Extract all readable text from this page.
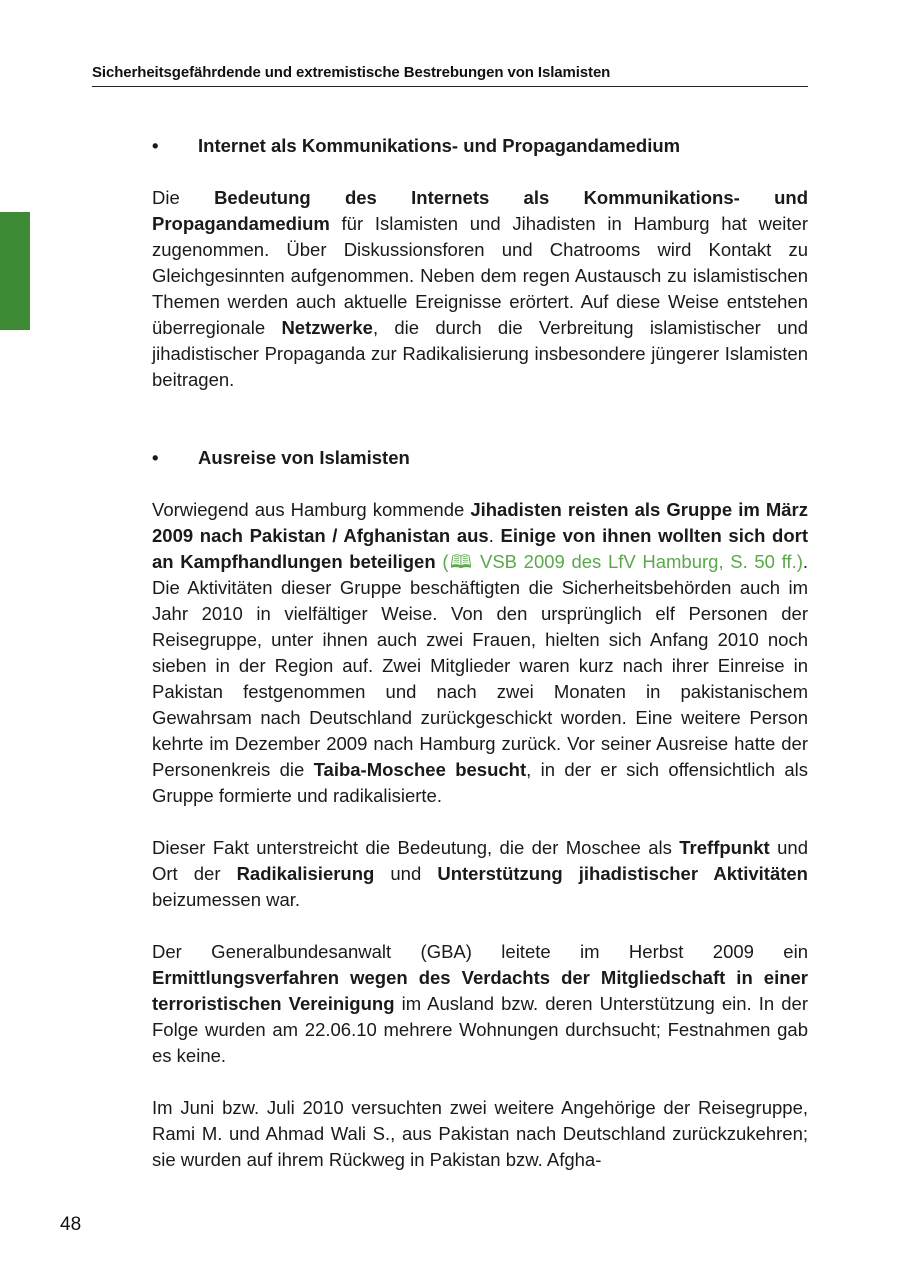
Sicherheitsgefährdende und extremistische Bestrebungen von Islamisten
• Internet als Kommunikations- und Propagandamedium

Die Bedeutung des Internets als Kommunikations- und Propagandamedium für Islamisten und Jihadisten in Hamburg hat weiter zugenommen. Über Diskussionsforen und Chatrooms wird Kontakt zu Gleichgesinnten aufgenommen. Neben dem regen Austausch zu islamistischen Themen werden auch aktuelle Ereignisse erörtert. Auf diese Weise entstehen überregionale Netzwerke, die durch die Verbreitung islamistischer und jihadistischer Propaganda zur Radikalisierung insbesondere jüngerer Islamisten beitragen.

• Ausreise von Islamisten

Vorwiegend aus Hamburg kommende Jihadisten reisten als Gruppe im März 2009 nach Pakistan / Afghanistan aus. Einige von ihnen wollten sich dort an Kampfhandlungen beteiligen (🕮 VSB 2009 des LfV Hamburg, S. 50 ff.). Die Aktivitäten dieser Gruppe beschäftigten die Sicherheitsbehörden auch im Jahr 2010 in vielfältiger Weise. Von den ursprünglich elf Personen der Reisegruppe, unter ihnen auch zwei Frauen, hielten sich Anfang 2010 noch sieben in der Region auf. Zwei Mitglieder waren kurz nach ihrer Einreise in Pakistan festgenommen und nach zwei Monaten in pakistanischem Gewahrsam nach Deutschland zurückgeschickt worden. Eine weitere Person kehrte im Dezember 2009 nach Hamburg zurück. Vor seiner Ausreise hatte der Personenkreis die Taiba-Moschee besucht, in der er sich offensichtlich als Gruppe formierte und radikalisierte.

Dieser Fakt unterstreicht die Bedeutung, die der Moschee als Treffpunkt und Ort der Radikalisierung und Unterstützung jihadistischer Aktivitäten beizumessen war.

Der Generalbundesanwalt (GBA) leitete im Herbst 2009 ein Ermittlungsverfahren wegen des Verdachts der Mitgliedschaft in einer terroristischen Vereinigung im Ausland bzw. deren Unterstützung ein. In der Folge wurden am 22.06.10 mehrere Wohnungen durchsucht; Festnahmen gab es keine.

Im Juni bzw. Juli 2010 versuchten zwei weitere Angehörige der Reisegruppe, Rami M. und Ahmad Wali S., aus Pakistan nach Deutschland zurückzukehren; sie wurden auf ihrem Rückweg in Pakistan bzw. Afgha-

48
